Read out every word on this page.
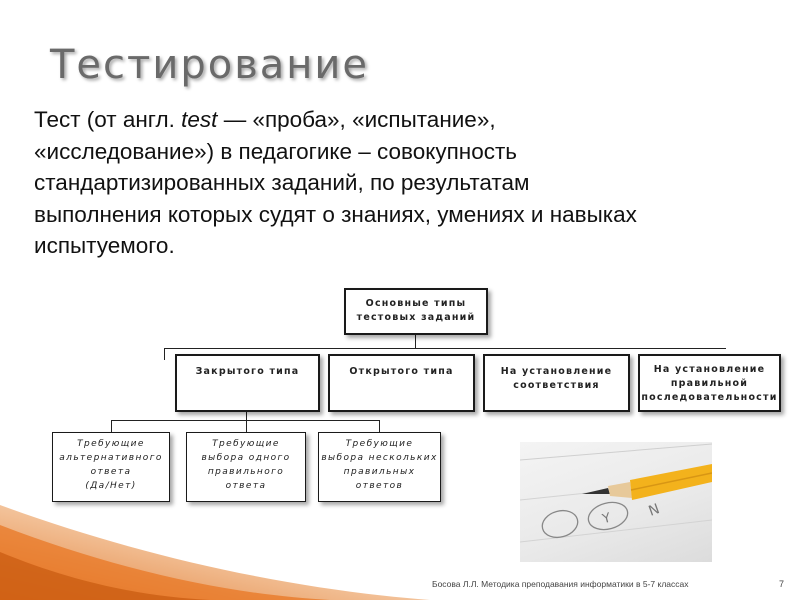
Тестирование
Тест (от англ. test — «проба», «испытание»,
«исследование») в педагогике – совокупность
стандартизированных заданий, по результатам
выполнения которых судят о знаниях, умениях и навыках
испытуемого.
Основные типы
тестовых заданий
Закрытого типа	Открытого типа	На установление
соответствия
На установление
правильной
последовательности
Требующие
альтернативного
ответа
(Да/Нет)
Требующие
выбора одного
правильного
ответа
Требующие
выбора нескольких
правильных
ответов
Y N
Босова Л.Л. Методика преподавания информатики в 5-7 классах	7
